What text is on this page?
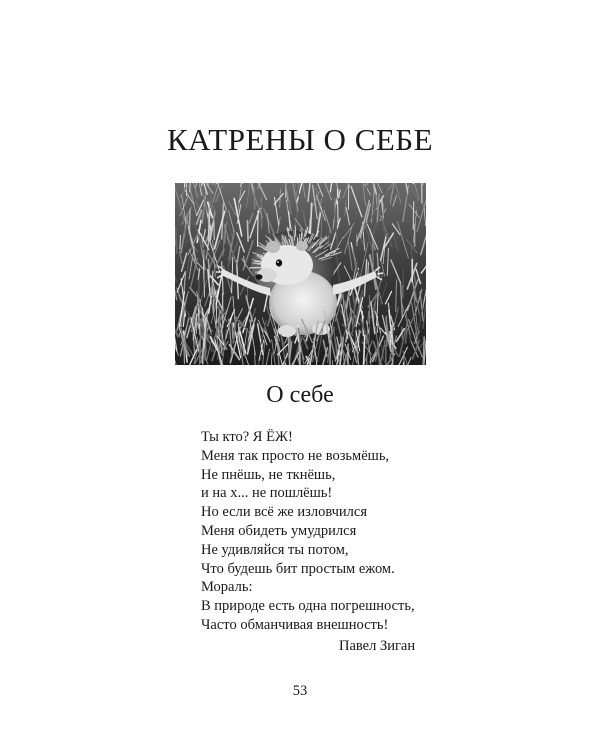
КАТРЕНЫ О СЕБЕ
О себе
Ты кто? Я ЁЖ!
Меня так просто не возьмёшь,
Не пнёшь, не ткнёшь,
и на х... не пошлёшь!
Но если всё же изловчился
Меня обидеть умудрился
Не удивляйся ты потом,
Что будешь бит простым ежом.
Мораль:
В природе есть одна погрешность,
Часто обманчивая внешность!
Павел Зиган
53
